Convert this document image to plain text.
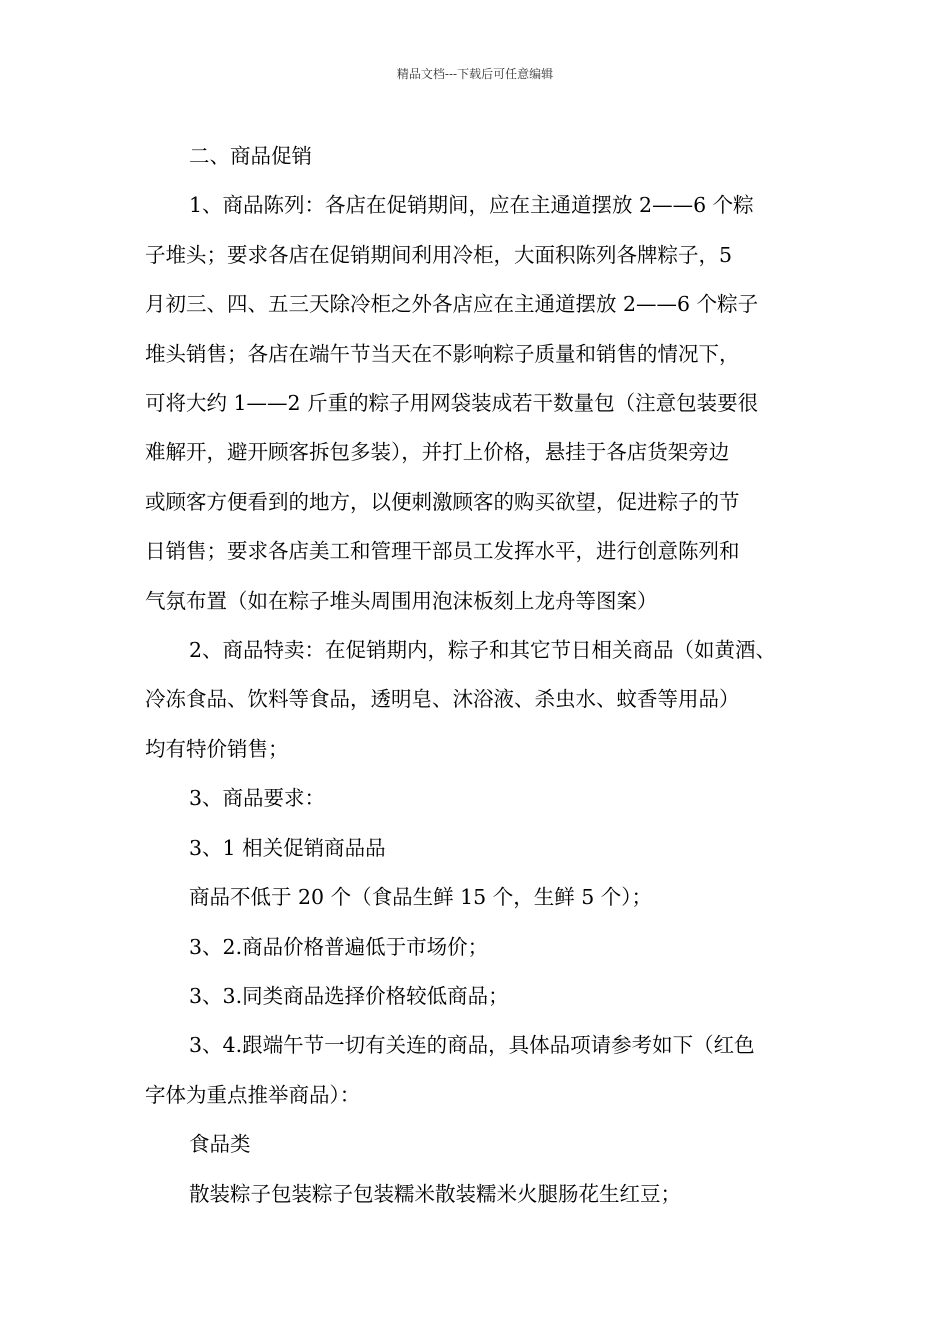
精品文档---下载后可任意编辑

二、商品促销

1、商品陈列：各店在促销期间，应在主通道摆放 2——6 个粽
子堆头；要求各店在促销期间利用冷柜，大面积陈列各牌粽子，5
月初三、四、五三天除冷柜之外各店应在主通道摆放 2——6 个粽子
堆头销售；各店在端午节当天在不影响粽子质量和销售的情况下，
可将大约 1——2 斤重的粽子用网袋装成若干数量包（注意包装要很
难解开，避开顾客拆包多装），并打上价格，悬挂于各店货架旁边
或顾客方便看到的地方，以便刺激顾客的购买欲望，促进粽子的节
日销售；要求各店美工和管理干部员工发挥水平，进行创意陈列和
气氛布置（如在粽子堆头周围用泡沫板刻上龙舟等图案）

2、商品特卖：在促销期内，粽子和其它节日相关商品（如黄酒、
冷冻食品、饮料等食品，透明皂、沐浴液、杀虫水、蚊香等用品）
均有特价销售；

3、商品要求：

3、1 相关促销商品品

商品不低于 20 个（食品生鲜 15 个，生鲜 5 个）；

3、2.商品价格普遍低于市场价；

3、3.同类商品选择价格较低商品；

3、4.跟端午节一切有关连的商品，具体品项请参考如下（红色
字体为重点推举商品）：

食品类

散装粽子包装粽子包装糯米散装糯米火腿肠花生红豆；
